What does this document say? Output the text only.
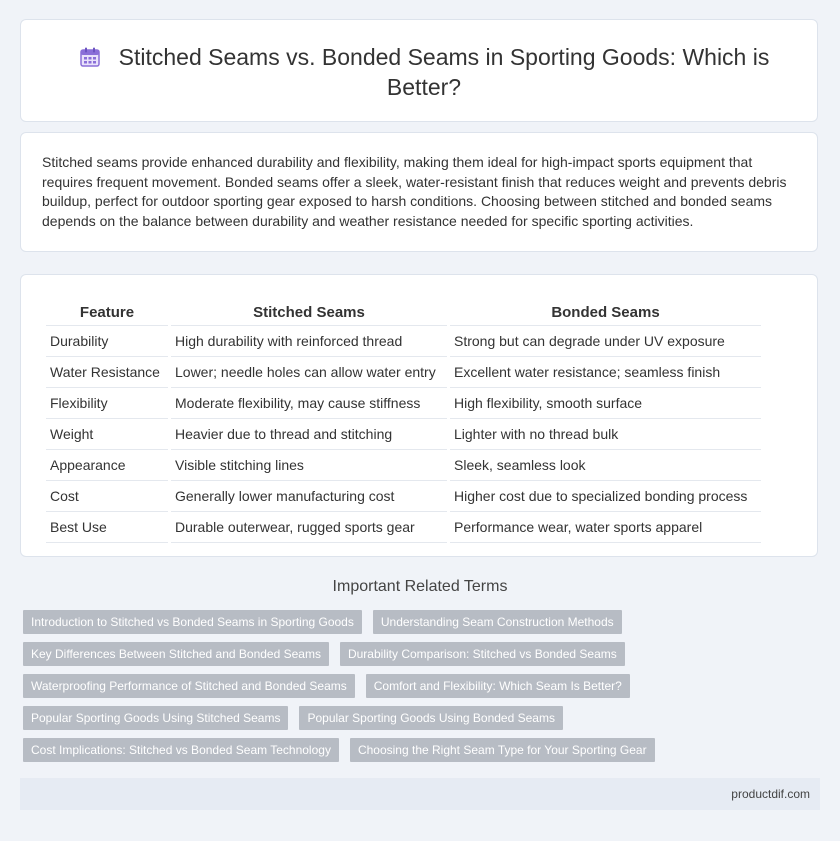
Stitched Seams vs. Bonded Seams in Sporting Goods: Which is Better?
Stitched seams provide enhanced durability and flexibility, making them ideal for high-impact sports equipment that requires frequent movement. Bonded seams offer a sleek, water-resistant finish that reduces weight and prevents debris buildup, perfect for outdoor sporting gear exposed to harsh conditions. Choosing between stitched and bonded seams depends on the balance between durability and weather resistance needed for specific sporting activities.
Feature	Stitched Seams	Bonded Seams
Durability	High durability with reinforced thread	Strong but can degrade under UV exposure
Water Resistance	Lower; needle holes can allow water entry	Excellent water resistance; seamless finish
Flexibility	Moderate flexibility, may cause stiffness	High flexibility, smooth surface
Weight	Heavier due to thread and stitching	Lighter with no thread bulk
Appearance	Visible stitching lines	Sleek, seamless look
Cost	Generally lower manufacturing cost	Higher cost due to specialized bonding process
Best Use	Durable outerwear, rugged sports gear	Performance wear, water sports apparel
Important Related Terms
Introduction to Stitched vs Bonded Seams in Sporting Goods Understanding Seam Construction Methods
Key Differences Between Stitched and Bonded Seams Durability Comparison: Stitched vs Bonded Seams
Waterproofing Performance of Stitched and Bonded Seams Comfort and Flexibility: Which Seam Is Better?
Popular Sporting Goods Using Stitched Seams Popular Sporting Goods Using Bonded Seams
Cost Implications: Stitched vs Bonded Seam Technology Choosing the Right Seam Type for Your Sporting Gear
productdif.com
